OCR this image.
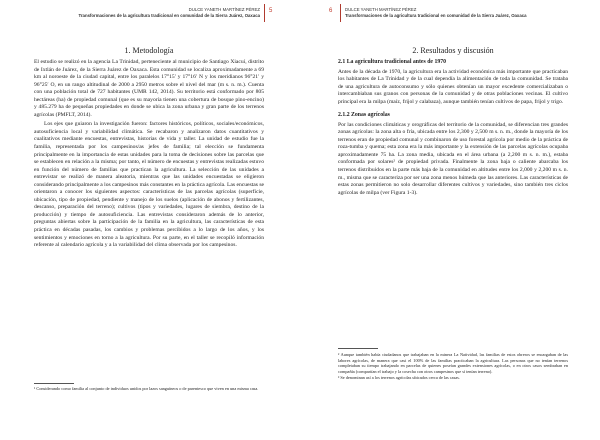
DULCE YANETH MARTÍNEZ PÉREZ
Transformaciones de la agricultura tradicional en comunidad de la Sierra Juárez, Oaxaca
5
1. Metodología

El estudio se realizó en la agencia La Trinidad, perteneciente al municipio de Santiago Xiacuí, distrito de Ixtlán de Juárez, de la Sierra Juárez de Oaxaca. Esta comunidad se localiza aproximadamente a 69 km al noroeste de la ciudad capital, entre los paralelos 17°15′ y 17°16′ N y los meridianos 96°21′ y 96°25′ O, en un rango altitudinal de 2000 a 2950 metros sobre el nivel del mar (m s. n. m.). Cuenta con una población total de 727 habitantes (UMR 142, 2014). Su territorio está conformado por 805 hectáreas (ha) de propiedad comunal (que es su mayoría tienen una cobertura de bosque pino-encino) y 485.279 ha de pequeñas propiedades en donde se ubica la zona urbana y gran parte de los terrenos agrícolas (PMFLT, 2014).

Los ejes que guiaron la investigación fueron: factores históricos, políticos, sociales/económicos, autosuficiencia local y variabilidad climática. Se recabaron y analizaron datos cuantitativos y cualitativos mediante encuestas, entrevistas, historias de vida y taller. La unidad de estudio fue la familia, representada por los campesinos/as jefes de familia; tal elección se fundamenta principalmente en la importancia de estas unidades para la toma de decisiones sobre las parcelas que se establecen en relación a la misma; por tanto, el número de encuestas y entrevistas realizadas estuvo en función del número de familias que practican la agricultura. La selección de las unidades a entrevistar se realizó de manera aleatoria, mientras que las unidades encuestadas se eligieron considerando principalmente a los campesinos más constantes en la práctica agrícola. Las encuestas se orientaron a conocer los siguientes aspectos: características de las parcelas agrícolas (superficie, ubicación, tipo de propiedad, pendiente y manejo de los suelos (aplicación de abonos y fertilizantes, descanso, preparación del terreno); cultivos (tipos y variedades, lugares de siembra, destino de la producción) y tiempo de autosuficiencia. Las entrevistas consideraron además de lo anterior, preguntas abiertas sobre la participación de la familia en la agricultura, las características de esta práctica en décadas pasadas, los cambios y problemas percibidos a lo largo de los años, y los sentimientos y emociones en torno a la agricultura. Por su parte, en el taller se recopiló información referente al calendario agrícola y a la variabilidad del clima observada por los campesinos.

¹ Considerando como familia al conjunto de individuos unidos por lazos sanguíneos o de parentesco que viven en una misma casa.

6	DULCE YANETH MARTÍNEZ PÉREZ
Transformaciones de la agricultura tradicional en comunidad de la Sierra Juárez, Oaxaca
2. Resultados y discusión
2.1 La agricultura tradicional antes de 1970

Antes de la década de 1970, la agricultura era la actividad económica más importante que practicaban los habitantes de La Trinidad y de la cual dependía la alimentación de toda la comunidad. Se trataba de una agricultura de autoconsumo y sólo quienes obtenían un mayor excedente comercializaban o intercambiaban sus granos con personas de la comunidad y de otras poblaciones vecinas. El cultivo principal era la milpa (maíz, frijol y calabaza), aunque también tenían cultivos de papa, frijol y trigo.

2.1.2 Zonas agrícolas

Por las condiciones climáticas y orográficas del territorio de la comunidad, se diferencian tres grandes zonas agrícolas: la zona alta o fría, ubicada entre los 2,300 y 2,500 m s. n. m., donde la mayoría de los terrenos eran de propiedad comunal y combinaron de uso forestal agrícola por medio de la práctica de roza-tumba y quema; esta zona era la más importante y la extensión de las parcelas agrícolas ocupaba aproximadamente 75 ha. La zona media, ubicada en el área urbana (a 2,200 m s. n. m.), estaba conformada por solares² de propiedad privada. Finalmente la zona baja o caliente abarcaba los terrenos distribuidos en la parte más baja de la comunidad en altitudes entre los 2,000 y 2,200 m s. n. m., misma que se caracteriza por ser una zona menos húmeda que las anteriores. Las características de estas zonas permitieron no solo desarrollar diferentes cultivos y variedades, sino también tres ciclos agrícolas de milpa (ver Figura 1-3).

² Aunque también había ciudadanos que trabajaban en la minera La Natividad, las familias de estos obreros se encargaban de las labores agrícolas, de manera que casi el 100% de las familias practicaban la agricultura. Las personas que no tenían terrenos completaban su tiempo trabajando en parcelas de quienes poseían grandes extensiones agrícolas, o en otros casos sembraban en compañía (compartían el trabajo y la cosecha con otros campesinos que sí tenían terreno).

³ Se denominan así a los terrenos agrícolas ubicados cerca de las casas.
